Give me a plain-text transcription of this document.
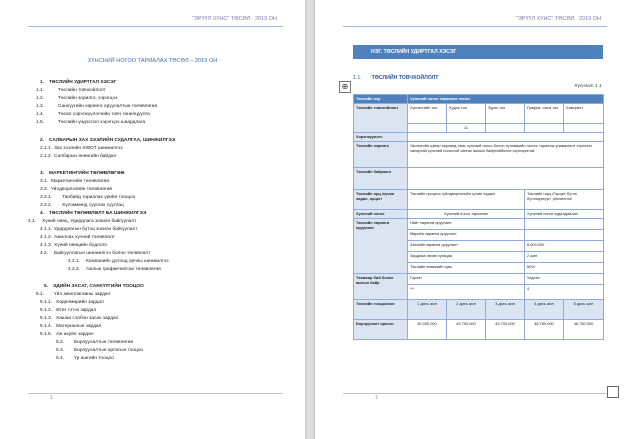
"ЭРҮҮЛ ХҮНС" ТӨСӨЛ 2019 ОН
ХҮНСНИЙ НОГОО ТАРИАЛАХ ТӨСӨЛ – 2019 ОН
1. ТӨСЛИЙН УДИРТГАЛ ХЭСЭГ
1.1.	Төслийн товчхойлолт
1.2.	Төслийн зорилго, хэрэгцээ
1.3.	Санхүүгийн хөрөнгө оруулалтын төлөвлөгөө
1.4.	Төсөл хэрэгжүүлэгчийн товч танилцуулга
1.5.	Төслийн үндэслэл хэрэгцээ шаардлага
2. САЛБАРЫН ЗАХ ЗЭЭЛИЙН СУДАЛГАА, ШИНЖИЛГЭЭ
2.1.1. Зах зээлийн SWOT шинжилгээ
2.1.2. Салбарын өнөөгийн байдал
3. МАРКЕТИНГИЙН ТӨЛӨВЛӨГӨӨ
3.1. Маркетингийн төлөвлөгөө
3.2. Үйлдвэрлэлийн төлөвлөгөө
3.2.1. Таобайд тариалах үрийн тоощоо
3.2.2. Хүлэмжинд суулгах суулгац
4. ТӨСЛИЙН ТӨЛӨВЛӨЛТ БА ШИНЖИЛГЭЭ
4.1. Хүний нөөц, Удирдлага зохион байгуулалт
4.1.1. Удирдлагын бүтэц зохион байгуулалт
4.1.2. Ажиллах хүчний төлөвлөлт
4.1.3. Хүний нөөцийн бодлого
4.2. Байгууллагын шинжилгээ болон төлөвлөлт
4.2.1. Компанийн дотоод орчны шинжилгээ
4.2.2. Ажлын графикчилсан төлөвлөгөө
5. ЭДИЙН ЗАСАГ, САНХҮҮГИЙН ТООЦОО
5.1. Үйл ажиллагааны зардал
5.1.1. Хөдөлмөрийн зардал
5.1.2. Өтөг тэтэх зардал
5.1.3. Хашаа сэлбэн засах зардал
5.1.4. Материалын зардал
5.1.5. Аж ахуйн зардал
5.2. Борлуулалтын төлөвлөгөө
5.3. Борлуулалтын орлогын тооцоо
5.4. Үр ашгийн тооцоо
1
"ЭРҮҮЛ ХҮНС" ТӨСӨЛ 2019 ОН
НЭГ. ТӨСЛИЙН УДИРТГАЛ ХЭСЭГ
1.1. ТӨСЛИЙН ТОВЧХОЙЛОЛТ
Хүснэгт 1.1.
⊕
Төслийн нэр	Хүнсний ногоо тариалах төсөл				
Төслийн товчхойлолт	Хүснэгтийн тоо	Хүдэс тоо	Зураг тоо	График, схем тоо	Хавсралт
		11			
Хэрэгжүүлэгч					
Төслийн зорилго	Экологийн цэвэр хөрсөнд тэмс хүнсний ногоо болон хүлэмжийн ногоог тариалж уламжлалт хэрэглэх чанартай хүнсний ногоотой хангах ажлын байртайболох хэрэгцээтэй.				
Төслийн байршил					
Төслийн орц /хүчин чадал, орцог/	Төслийн процесс /үйлдвэрлэлийн хүчин чадал/			Төслийн гарц /Гарцит бүтээ бүтээгдэхүүн, үйлчилгээ/	
Хүнсний ногоо	Хүнсний ногоо тариалах			Хүнсний ногоо худалдаалах	
Төслийн хөрөнгө оруулалт	Нийт хөрөнгө оруулалт				
	Өөрийн хөрөнгө оруулалт				
	Зээлийн хөрөнгө оруулалт			8,000,000	
	Зардлаа нөхөх хугацаа			2 жил	
	Төслийн өгөөжийн хувь			60%	
Төсвөөр бий болох ажлын байр	Гэрээт			Үндсэн	
	***			4	
Төслийн тооцоолол	1 дахь жил	2 дахь жил	3 дахь жил	4 дахь жил	5 дахь жил
Борлуулалт орлого	30,000,000	43,700,000	43,700,000	46,780,000	46,780,000
1
